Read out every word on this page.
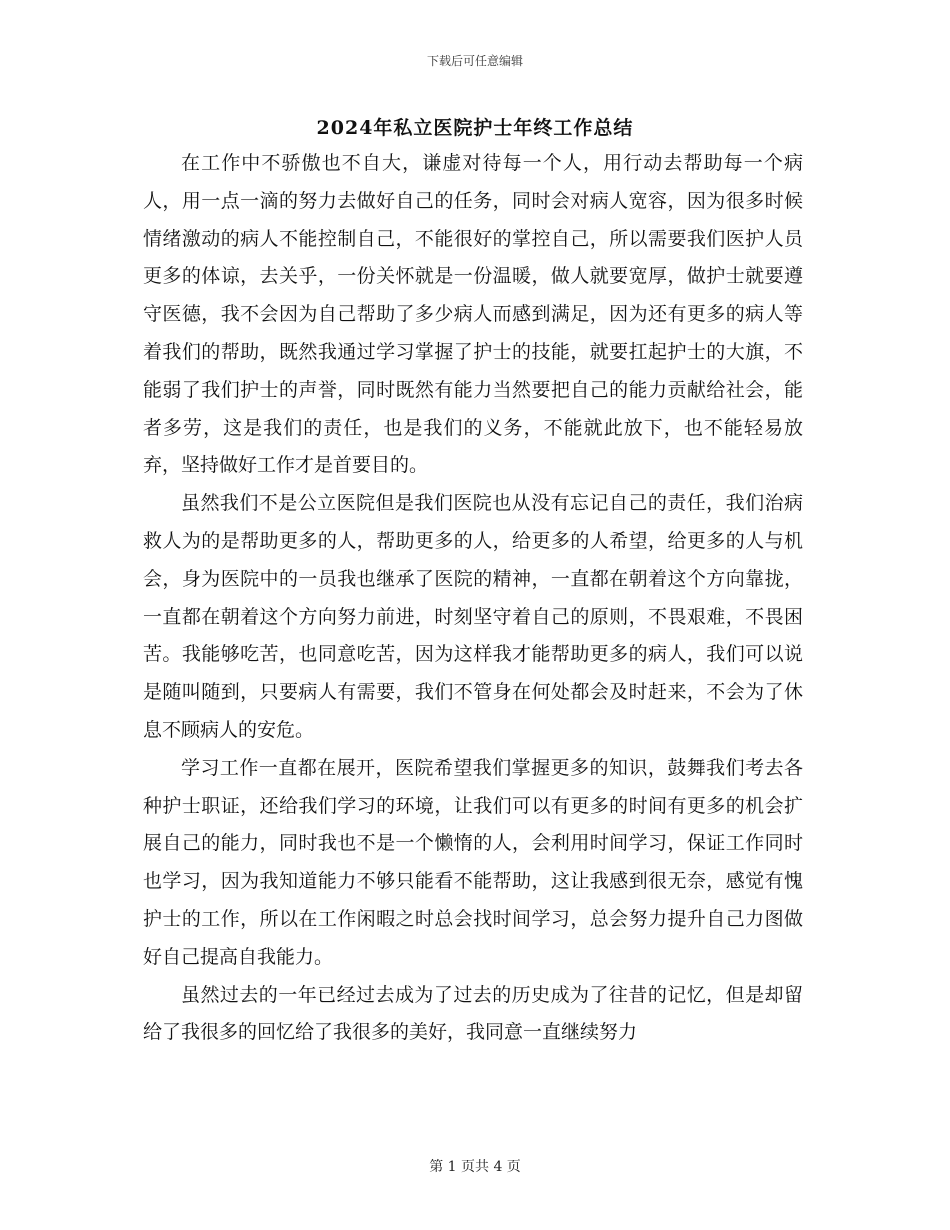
下载后可任意编辑
2024年私立医院护士年终工作总结

在工作中不骄傲也不自大，谦虚对待每一个人，用行动去帮助每一个病人，用一点一滴的努力去做好自己的任务，同时会对病人宽容，因为很多时候情绪激动的病人不能控制自己，不能很好的掌控自己，所以需要我们医护人员更多的体谅，去关乎，一份关怀就是一份温暖，做人就要宽厚，做护士就要遵守医德，我不会因为自己帮助了多少病人而感到满足，因为还有更多的病人等着我们的帮助，既然我通过学习掌握了护士的技能，就要扛起护士的大旗，不能弱了我们护士的声誉，同时既然有能力当然要把自己的能力贡献给社会，能者多劳，这是我们的责任，也是我们的义务，不能就此放下，也不能轻易放弃，坚持做好工作才是首要目的。

虽然我们不是公立医院但是我们医院也从没有忘记自己的责任，我们治病救人为的是帮助更多的人，帮助更多的人，给更多的人希望，给更多的人与机会，身为医院中的一员我也继承了医院的精神，一直都在朝着这个方向靠拢，一直都在朝着这个方向努力前进，时刻坚守着自己的原则，不畏艰难，不畏困苦。我能够吃苦，也同意吃苦，因为这样我才能帮助更多的病人，我们可以说是随叫随到，只要病人有需要，我们不管身在何处都会及时赶来，不会为了休息不顾病人的安危。

学习工作一直都在展开，医院希望我们掌握更多的知识，鼓舞我们考去各种护士职证，还给我们学习的环境，让我们可以有更多的时间有更多的机会扩展自己的能力，同时我也不是一个懒惰的人，会利用时间学习，保证工作同时也学习，因为我知道能力不够只能看不能帮助，这让我感到很无奈，感觉有愧护士的工作，所以在工作闲暇之时总会找时间学习，总会努力提升自己力图做好自己提高自我能力。

虽然过去的一年已经过去成为了过去的历史成为了往昔的记忆，但是却留给了我很多的回忆给了我很多的美好，我同意一直继续努力

第 1 页共 4 页
